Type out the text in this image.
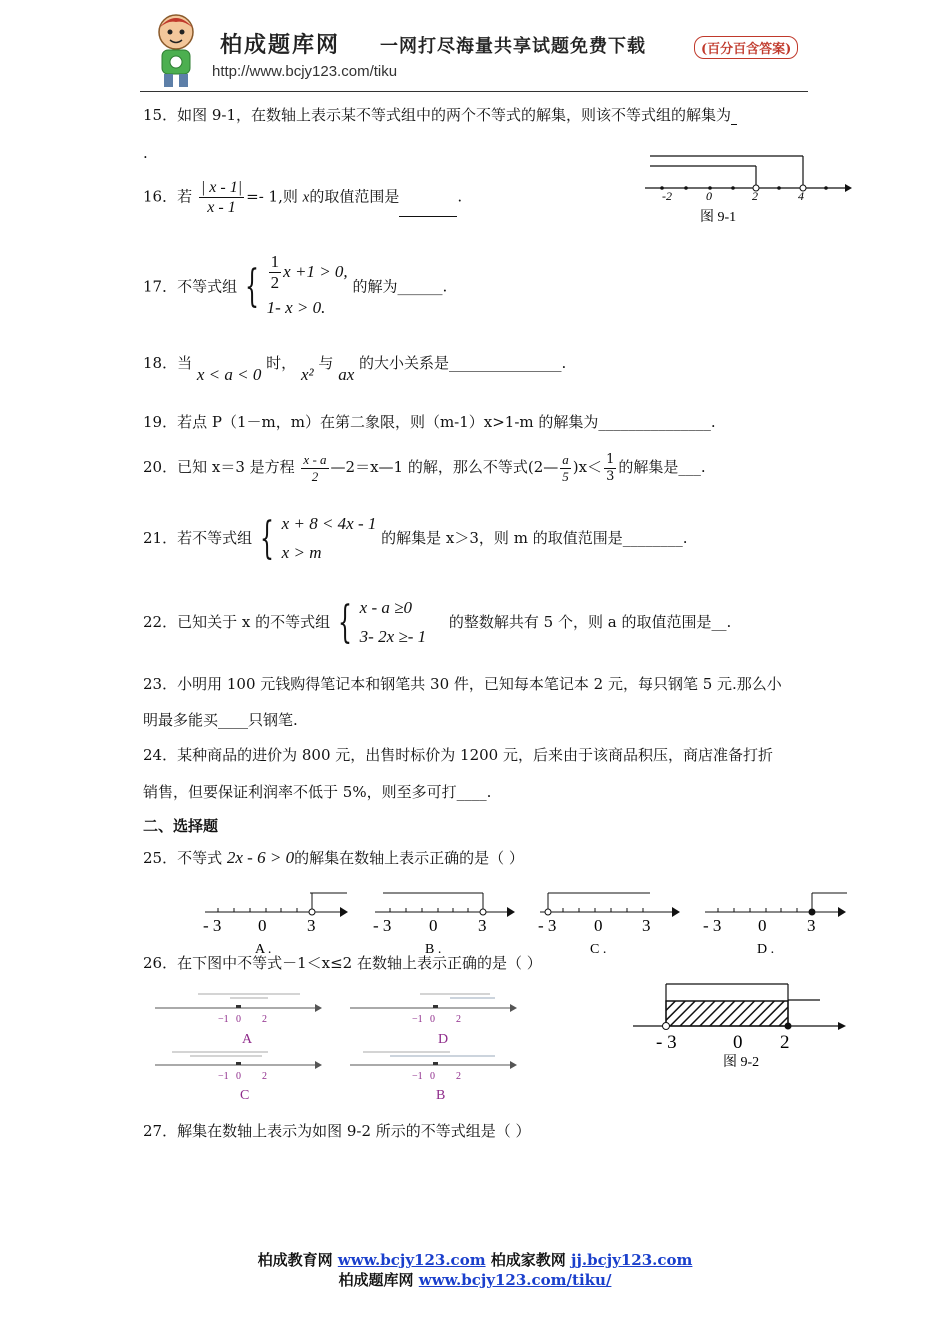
柏成题库网 一网打尽海量共享试题免费下载	(百分百含答案)
http://www.bcjy123.com/tiku
15．如图 9-1，在数轴上表示某不等式组中的两个不等式的解集，则该不等式组的解集为
.
-2	0	2	4
图 9-1
16．若 $\frac{| x - 1|}{x - 1} =- 1$,则 x的取值范围是	.
17．不等式组 { $\frac{1}{2}$ x +1 > 0,
1- x > 0.
的解为______.
18．当 x < a < 0 时， x² 与 ax 的大小关系是_______________.
19．若点 P（1－m，m）在第二象限，则（m-1）x>1-m 的解集为_______________.
20．已知 x＝3 是方程 $\frac{x - a}{2}$ —2＝x—1 的解，那么不等式(2— $\frac{a}{5} )x< \frac{1}{3}$ 的解集是___.
21．若不等式组 { x + 8 < 4x - 1
x > m
的解集是 x＞3，则 m 的取值范围是________.
22．已知关于 x 的不等式组 { x - a ≥0
3- 2x ≥- 1
的整数解共有 5 个，则 a 的取值范围是__.
23．小明用 100 元钱购得笔记本和钢笔共 30 件，已知每本笔记本 2 元，每只钢笔 5 元.那么小
明最多能买____只钢笔.
24．某种商品的进价为 800 元，出售时标价为 1200 元，后来由于该商品积压，商店准备打折
销售，但要保证利润率不低于 5%，则至多可打____.
二、选择题
25．不等式 2x - 6 > 0的解集在数轴上表示正确的是（ ）
- 3 0 3
A .
- 3 0 3
B .
- 3 0 3
C .
- 3 0 3
D .
26．在下图中不等式－1＜x≤2 在数轴上表示正确的是（ ）
−1 0 2
A
−1 0 2
D
−1 0 2
C
−1 0 2
B
- 3	0 2
图 9-2
27．解集在数轴上表示为如图 9-2 所示的不等式组是（ ）
柏成教育网 www.bcjy123.com 柏成家教网 jj.bcjy123.com
柏成题库网 www.bcjy123.com/tiku/
